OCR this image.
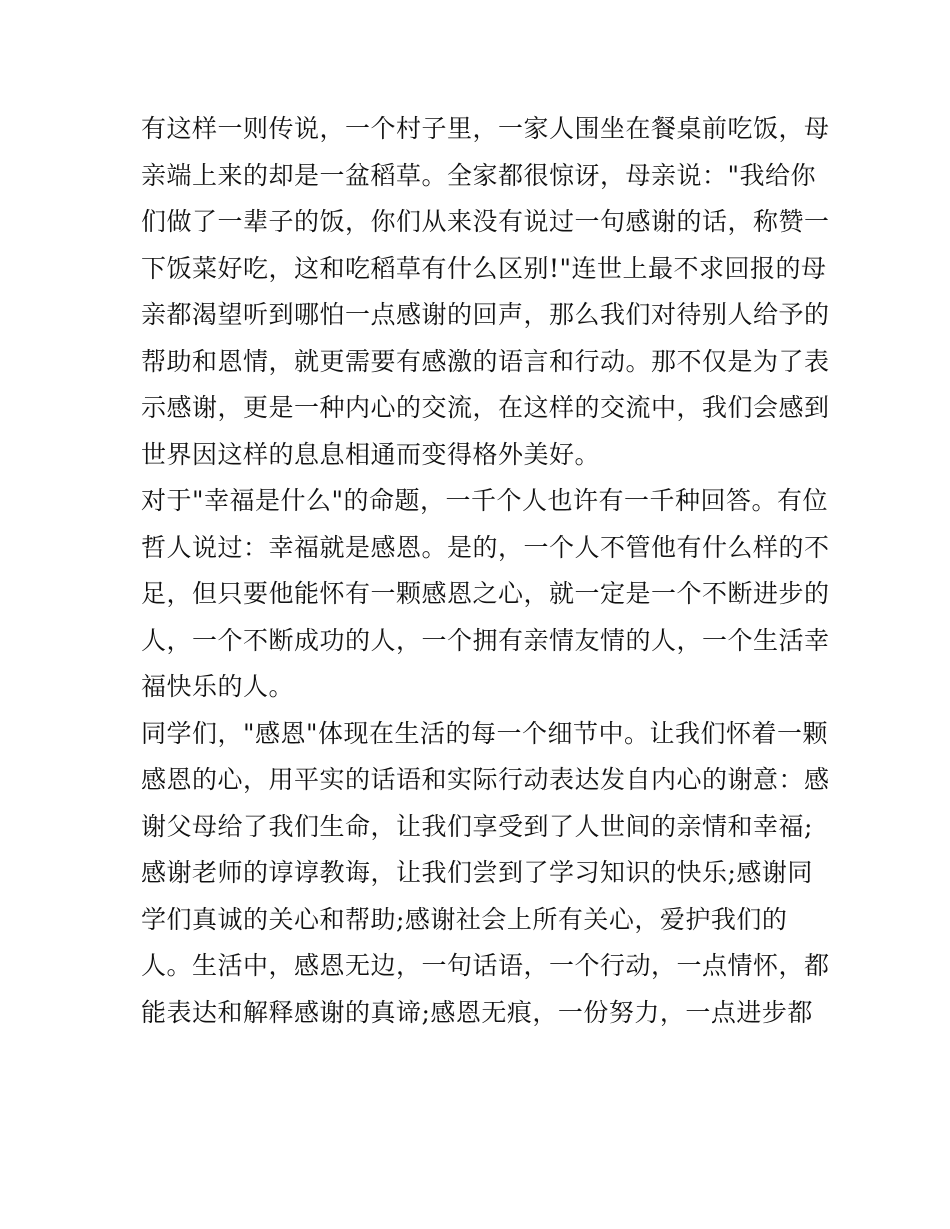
有这样一则传说，一个村子里，一家人围坐在餐桌前吃饭，母
亲端上来的却是一盆稻草。全家都很惊讶，母亲说："我给你
们做了一辈子的饭，你们从来没有说过一句感谢的话，称赞一
下饭菜好吃，这和吃稻草有什么区别!"连世上最不求回报的母
亲都渴望听到哪怕一点感谢的回声，那么我们对待别人给予的
帮助和恩情，就更需要有感激的语言和行动。那不仅是为了表
示感谢，更是一种内心的交流，在这样的交流中，我们会感到
世界因这样的息息相通而变得格外美好。
对于"幸福是什么"的命题，一千个人也许有一千种回答。有位
哲人说过：幸福就是感恩。是的，一个人不管他有什么样的不
足，但只要他能怀有一颗感恩之心，就一定是一个不断进步的
人，一个不断成功的人，一个拥有亲情友情的人，一个生活幸
福快乐的人。
同学们，"感恩"体现在生活的每一个细节中。让我们怀着一颗
感恩的心，用平实的话语和实际行动表达发自内心的谢意：感
谢父母给了我们生命，让我们享受到了人世间的亲情和幸福;
感谢老师的谆谆教诲，让我们尝到了学习知识的快乐;感谢同
学们真诚的关心和帮助;感谢社会上所有关心，爱护我们的
人。生活中，感恩无边，一句话语，一个行动，一点情怀，都
能表达和解释感谢的真谛;感恩无痕，一份努力，一点进步都
